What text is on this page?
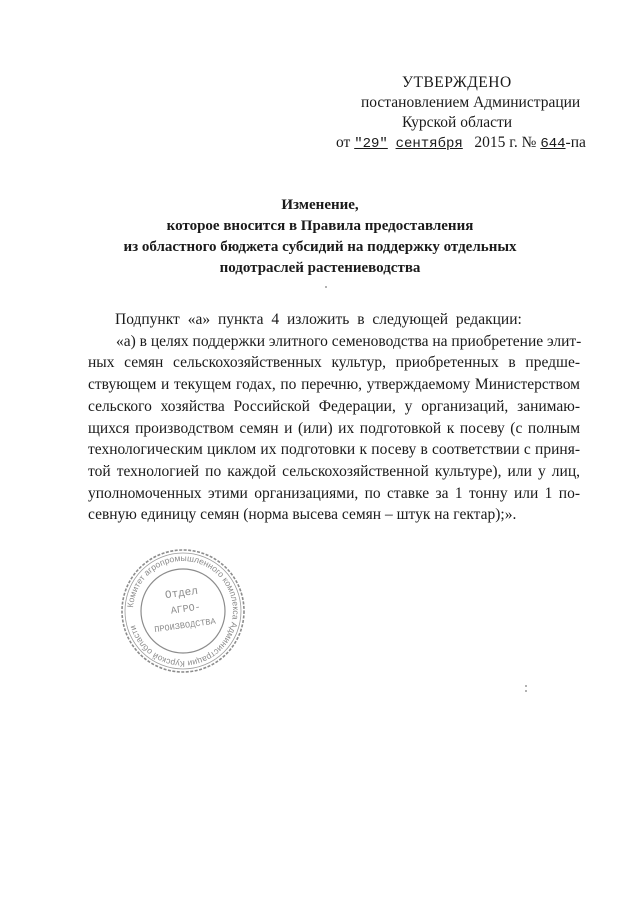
УТВЕРЖДЕНО
постановлением Администрации
Курской области
от "29" сентября 2015 г. № 644-па
Изменение,
которое вносится в Правила предоставления
из областного бюджета субсидий на поддержку отдельных
подотраслей растениеводства
Подпункт «а» пункта 4 изложить в следующей редакции:
«а) в целях поддержки элитного семеноводства на приобретение элит-
ных семян сельскохозяйственных культур, приобретенных в предше-
ствующем и текущем годах, по перечню, утверждаемому Министерством
сельского хозяйства Российской Федерации, у организаций, занимаю-
щихся производством семян и (или) их подготовкой к посеву (с полным
технологическим циклом их подготовки к посеву в соответствии с приня-
той технологией по каждой сельскохозяйственной культуре), или у лиц,
уполномоченных этими организациями, по ставке за 1 тонну или 1 по-
севную единицу семян (норма высева семян – штук на гектар);».
Комитет агропромышленного комплекса Администрации Курской области
Отдел
АГРО-
ПРОИЗВОДСТВА
